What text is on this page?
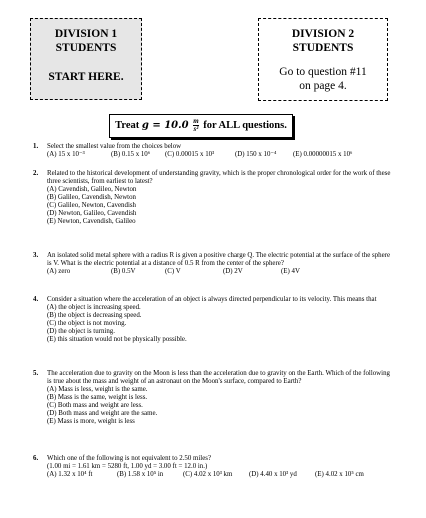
DIVISION 1
STUDENTS
START HERE.
DIVISION 2
STUDENTS
Go to question #11
on page 4.
Treat $g = 10.0 \frac{m}{\text{s²}}$ for ALL questions.
1. Select the smallest value from the choices below
(A) 15 x 10⁻³	(B) 0.15 x 10⁶ (C) 0.00015 x 10³	(D) 150 x 10⁻⁴ (E) 0.00000015 x 10⁶
2. Related to the historical development of understanding gravity, which is the proper chronological order for the work of these three scientists, from earliest to latest?
(A) Cavendish, Galileo, Newton
(B) Galileo, Cavendish, Newton
(C) Galileo, Newton, Cavendish
(D) Newton, Galileo, Cavendish
(E) Newton, Cavendish, Galileo
3. An isolated solid metal sphere with a radius R is given a positive charge Q. The electric potential at the surface of the sphere is V. What is the electric potential at a distance of 0.5 R from the center of the sphere?
(A) zero	(B) 0.5V	(C) V	(D) 2V	(E) 4V
4. Consider a situation where the acceleration of an object is always directed perpendicular to its velocity. This means that
(A) the object is increasing speed.
(B) the object is decreasing speed.
(C) the object is not moving.
(D) the object is turning.
(E) this situation would not be physically possible.
5. The acceleration due to gravity on the Moon is less than the acceleration due to gravity on the Earth. Which of the following is true about the mass and weight of an astronaut on the Moon's surface, compared to Earth?
(A) Mass is less, weight is the same.
(B) Mass is the same, weight is less.
(C) Both mass and weight are less.
(D) Both mass and weight are the same.
(E) Mass is more, weight is less
6. Which one of the following is not equivalent to 2.50 miles?
(1.00 mi = 1.61 km = 5280 ft, 1.00 yd = 3.00 ft = 12.0 in.)
(A) 1.32 x 10⁴ ft	(B) 1.58 x 10⁵ in	(C) 4.02 x 10³ km (D) 4.40 x 10³ yd	(E) 4.02 x 10⁵ cm
